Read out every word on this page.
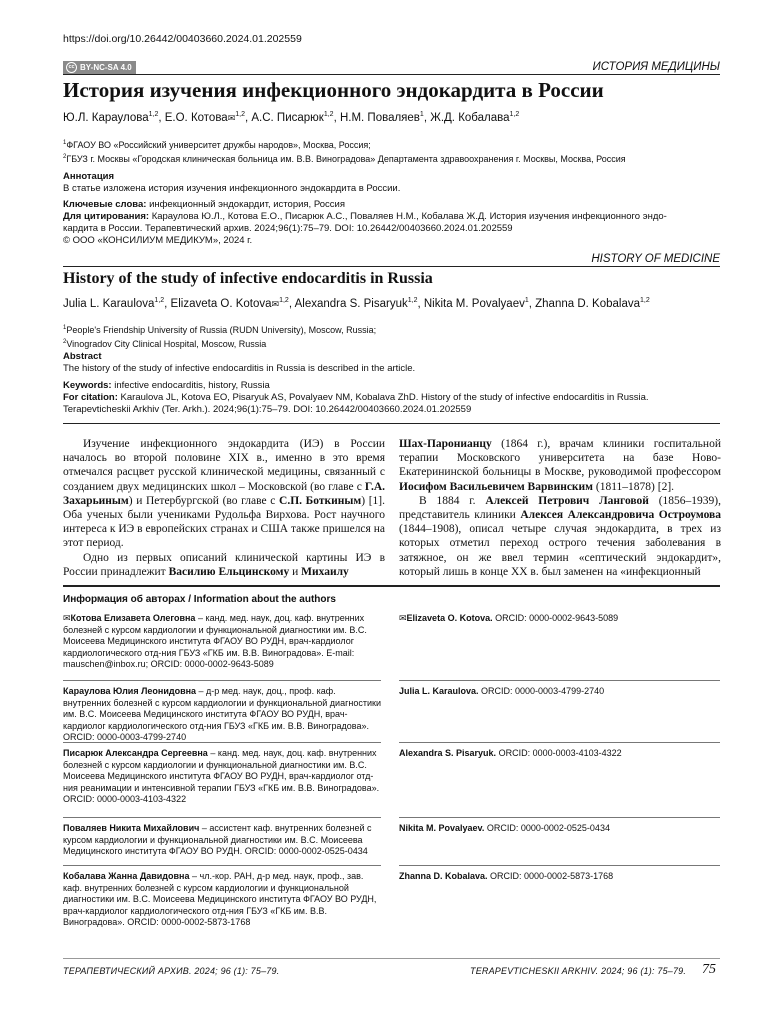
https://doi.org/10.26442/00403660.2024.01.202559
cc BY-NC-SA 4.0	ИСТОРИЯ МЕДИЦИНЫ
История изучения инфекционного эндокардита в России
Ю.Л. Караулова$^{1,2}$, Е.О. Котова✉$^{1,2}$, А.С. Писарюк$^{1,2}$, Н.М. Поваляев$^1$, Ж.Д. Кобалава$^{1,2}$
$^1$ФГАОУ ВО «Российский университет дружбы народов», Москва, Россия;
$^2$ГБУЗ г. Москвы «Городская клиническая больница им. В.В. Виноградова» Департамента здравоохранения г. Москвы, Москва, Россия
Аннотация
В статье изложена история изучения инфекционного эндокардита в России.
Ключевые слова: инфекционный эндокардит, история, Россия
Для цитирования: Караулова Ю.Л., Котова Е.О., Писарюк А.С., Поваляев Н.М., Кобалава Ж.Д. История изучения инфекционного эндо-
кардита в России. Терапевтический архив. 2024;96(1):75–79. DOI: 10.26442/00403660.2024.01.202559
© ООО «КОНСИЛИУМ МЕДИКУМ», 2024 г.
HISTORY OF MEDICINE
History of the study of infective endocarditis in Russia
Julia L. Karaulova$^{1,2}$, Elizaveta O. Kotova✉$^{1,2}$, Alexandra S. Pisaryuk$^{1,2}$, Nikita M. Povalyaev$^1$, Zhanna D. Kobalava$^{1,2}$
$^1$People's Friendship University of Russia (RUDN University), Moscow, Russia;
$^2$Vinogradov City Clinical Hospital, Moscow, Russia
Abstract
The history of the study of infective endocarditis in Russia is described in the article.
Keywords: infective endocarditis, history, Russia
For citation: Karaulova JL, Kotova EO, Pisaryuk AS, Povalyaev NM, Kobalava ZhD. History of the study of infective endocarditis in Russia.
Terapevticheskii Arkhiv (Ter. Arkh.). 2024;96(1):75–79. DOI: 10.26442/00403660.2024.01.202559

Изучение инфекционного эндокардита (ИЭ) в России началось во второй половине XIX в., именно в это время отмечался расцвет русской клинической медицины, связанный с созданием двух медицинских школ – Московской (во главе с Г.А. Захарьиным) и Петербургской (во главе с С.П. Боткиным) [1]. Оба ученых были учениками Рудольфа Вирхова. Рост научного интереса к ИЭ в европейских странах и США также пришелся на этот период.

Одно из первых описаний клинической картины ИЭ в России принадлежит Василию Ельцинскому и Михаилу

Шах-Паронианцу (1864 г.), врачам клиники госпитальной терапии Московского университета на базе Ново-Екатерининской больницы в Москве, руководимой профессором Иосифом Васильевичем Варвинским (1811–1878) [2].

В 1884 г. Алексей Петрович Ланговой (1856–1939), представитель клиники Алексея Александровича Остроумова (1844–1908), описал четыре случая эндокардита, в трех из которых отметил переход острого течения заболевания в затяжное, он же ввел термин «септический эндокардит», который лишь в конце XX в. был заменен на «инфекционный

Информация об авторах / Information about the authors
✉Котова Елизавета Олеговна – канд. мед. наук, доц. каф. внутренних болезней с курсом кардиологии и функциональной диагностики им. В.С. Моисеева Медицинского института ФГАОУ ВО РУДН, врач-кардиолог кардиологического отд-ния ГБУЗ «ГКБ им. В.В. Виноградова». E-mail: mauschen@inbox.ru; ORCID: 0000-0002-9643-5089
✉Elizaveta O. Kotova. ORCID: 0000-0002-9643-5089
Караулова Юлия Леонидовна – д-р мед. наук, доц., проф. каф. внутренних болезней с курсом кардиологии и функциональной диагностики им. В.С. Моисеева Медицинского института ФГАОУ ВО РУДН, врач-кардиолог кардиологического отд-ния ГБУЗ «ГКБ им. В.В. Виноградова». ORCID: 0000-0003-4799-2740
Julia L. Karaulova. ORCID: 0000-0003-4799-2740
Писарюк Александра Сергеевна – канд. мед. наук, доц. каф. внутренних болезней с курсом кардиологии и функциональной диагностики им. В.С. Моисеева Медицинского института ФГАОУ ВО РУДН, врач-кардиолог отд-ния реанимации и интенсивной терапии ГБУЗ «ГКБ им. В.В. Виноградова». ORCID: 0000-0003-4103-4322
Alexandra S. Pisaryuk. ORCID: 0000-0003-4103-4322
Поваляев Никита Михайлович – ассистент каф. внутренних болезней с курсом кардиологии и функциональной диагностики им. В.С. Моисеева Медицинского института ФГАОУ ВО РУДН. ORCID: 0000-0002-0525-0434
Nikita M. Povalyaev. ORCID: 0000-0002-0525-0434
Кобалава Жанна Давидовна – чл.-кор. РАН, д-р мед. наук, проф., зав. каф. внутренних болезней с курсом кардиологии и функциональной диагностики им. В.С. Моисеева Медицинского института ФГАОУ ВО РУДН, врач-кардиолог кардиологического отд-ния ГБУЗ «ГКБ им. В.В. Виноградова». ORCID: 0000-0002-5873-1768
Zhanna D. Kobalava. ORCID: 0000-0002-5873-1768
ТЕРАПЕВТИЧЕСКИЙ АРХИВ. 2024; 96 (1): 75–79.	TERAPEVTICHESKII ARKHIV. 2024; 96 (1): 75–79. 75
